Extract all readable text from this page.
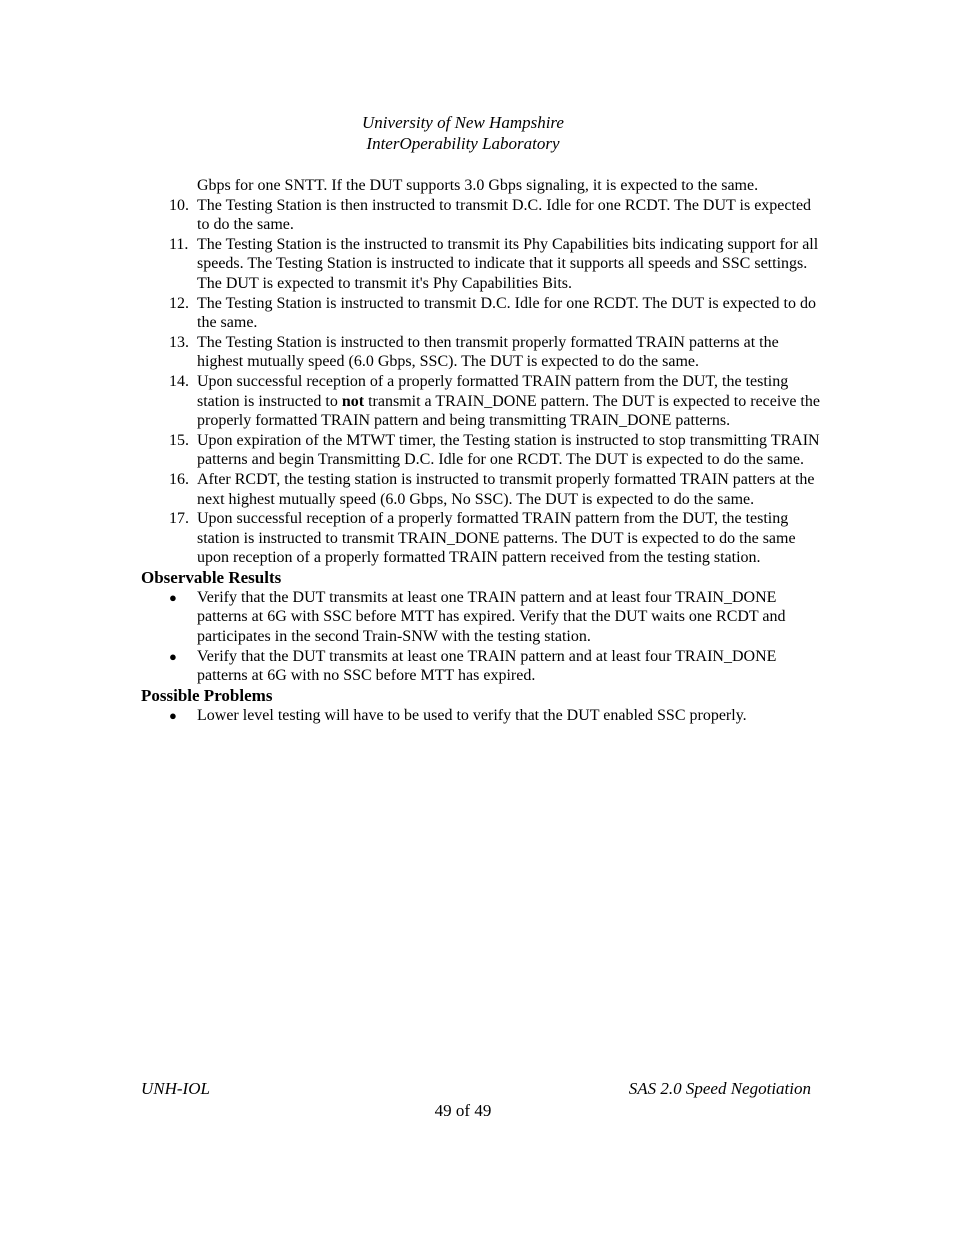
University of New Hampshire
InterOperability Laboratory
Gbps for one SNTT. If the DUT supports 3.0 Gbps signaling, it is expected to the same.
10. The Testing Station is then instructed to transmit D.C. Idle for one RCDT. The DUT is expected to do the same.
11. The Testing Station is the instructed to transmit its Phy Capabilities bits indicating support for all speeds. The Testing Station is instructed to indicate that it supports all speeds and SSC settings. The DUT is expected to transmit it's Phy Capabilities Bits.
12. The Testing Station is instructed to transmit D.C. Idle for one RCDT. The DUT is expected to do the same.
13. The Testing Station is instructed to then transmit properly formatted TRAIN patterns at the highest mutually speed (6.0 Gbps, SSC). The DUT is expected to do the same.
14. Upon successful reception of a properly formatted TRAIN pattern from the DUT, the testing station is instructed to not transmit a TRAIN_DONE pattern. The DUT is expected to receive the properly formatted TRAIN pattern and being transmitting TRAIN_DONE patterns.
15. Upon expiration of the MTWT timer, the Testing station is instructed to stop transmitting TRAIN patterns and begin Transmitting D.C. Idle for one RCDT. The DUT is expected to do the same.
16. After RCDT, the testing station is instructed to transmit properly formatted TRAIN patters at the next highest mutually speed (6.0 Gbps, No SSC). The DUT is expected to do the same.
17. Upon successful reception of a properly formatted TRAIN pattern from the DUT, the testing station is instructed to transmit TRAIN_DONE patterns. The DUT is expected to do the same upon reception of a properly formatted TRAIN pattern received from the testing station.
Observable Results
●	Verify that the DUT transmits at least one TRAIN pattern and at least four TRAIN_DONE patterns at 6G with SSC before MTT has expired. Verify that the DUT waits one RCDT and participates in the second Train-SNW with the testing station.
●	Verify that the DUT transmits at least one TRAIN pattern and at least four TRAIN_DONE patterns at 6G with no SSC before MTT has expired.
Possible Problems
●	Lower level testing will have to be used to verify that the DUT enabled SSC properly.
UNH-IOL	SAS 2.0 Speed Negotiation
49 of 49
